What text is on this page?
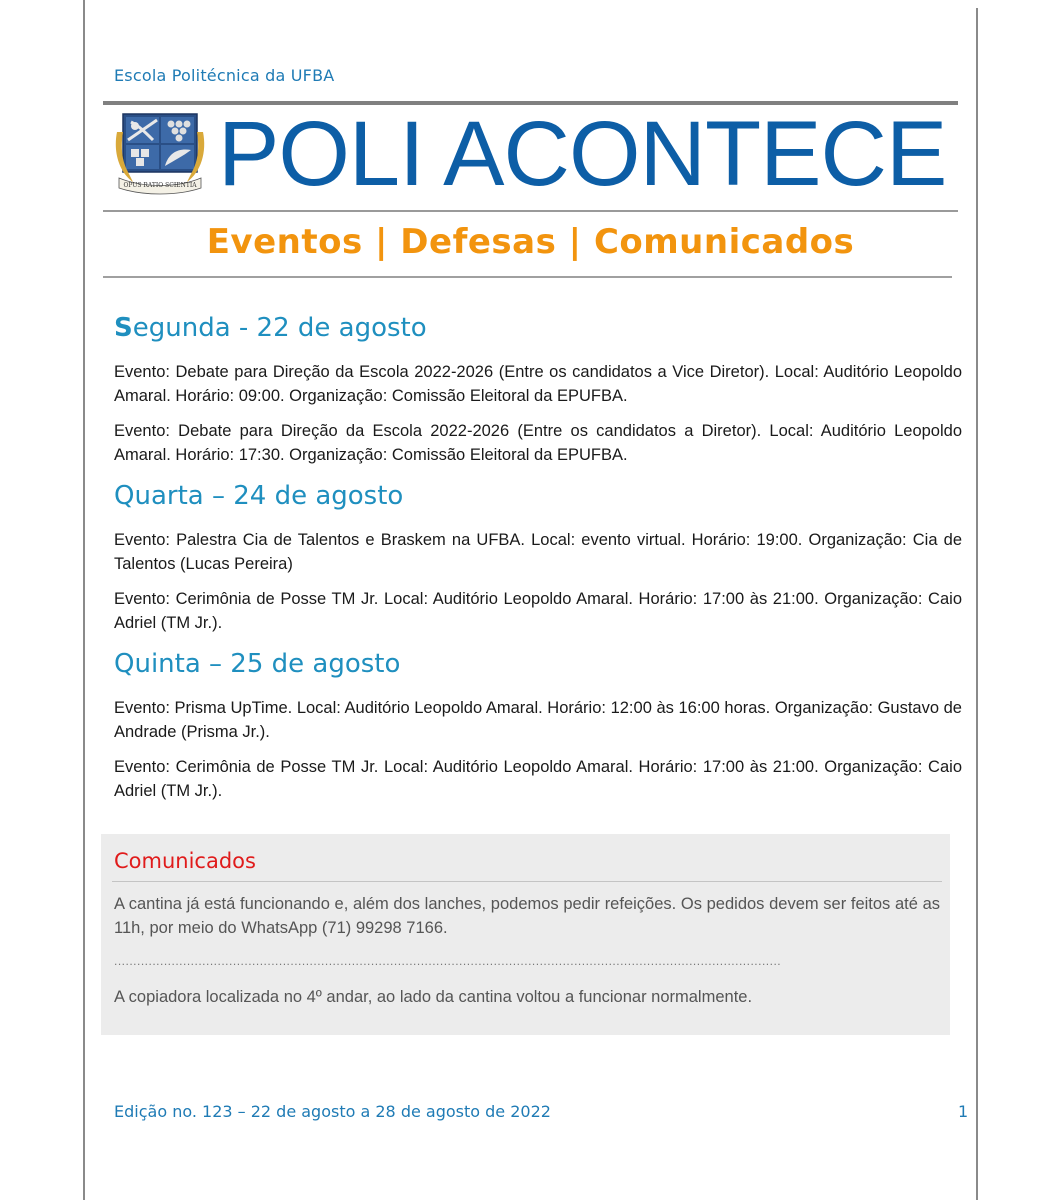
Escola Politécnica da UFBA
OPUS RATIO SCIENTIA POLI ACONTECE
Eventos | Defesas | Comunicados
Segunda - 22 de agosto
Evento: Debate para Direção da Escola 2022-2026 (Entre os candidatos a Vice Diretor). Local: Auditório Leopoldo Amaral. Horário: 09:00. Organização: Comissão Eleitoral da EPUFBA.
Evento: Debate para Direção da Escola 2022-2026 (Entre os candidatos a Diretor). Local: Auditório Leopoldo Amaral. Horário: 17:30. Organização: Comissão Eleitoral da EPUFBA.
Quarta – 24 de agosto
Evento: Palestra Cia de Talentos e Braskem na UFBA. Local: evento virtual. Horário: 19:00. Organização: Cia de Talentos (Lucas Pereira)
Evento: Cerimônia de Posse TM Jr. Local: Auditório Leopoldo Amaral. Horário: 17:00 às 21:00. Organização: Caio Adriel (TM Jr.).
Quinta – 25 de agosto
Evento: Prisma UpTime. Local: Auditório Leopoldo Amaral. Horário: 12:00 às 16:00 horas. Organização: Gustavo de Andrade (Prisma Jr.).
Evento: Cerimônia de Posse TM Jr. Local: Auditório Leopoldo Amaral. Horário: 17:00 às 21:00. Organização: Caio Adriel (TM Jr.).
Comunicados
A cantina já está funcionando e, além dos lanches, podemos pedir refeições. Os pedidos devem ser feitos até as 11h, por meio do WhatsApp (71) 99298 7166.
..............................................................................................................................................................................
A copiadora localizada no 4º andar, ao lado da cantina voltou a funcionar normalmente.
Edição no. 123 – 22 de agosto a 28 de agosto de 2022	1
